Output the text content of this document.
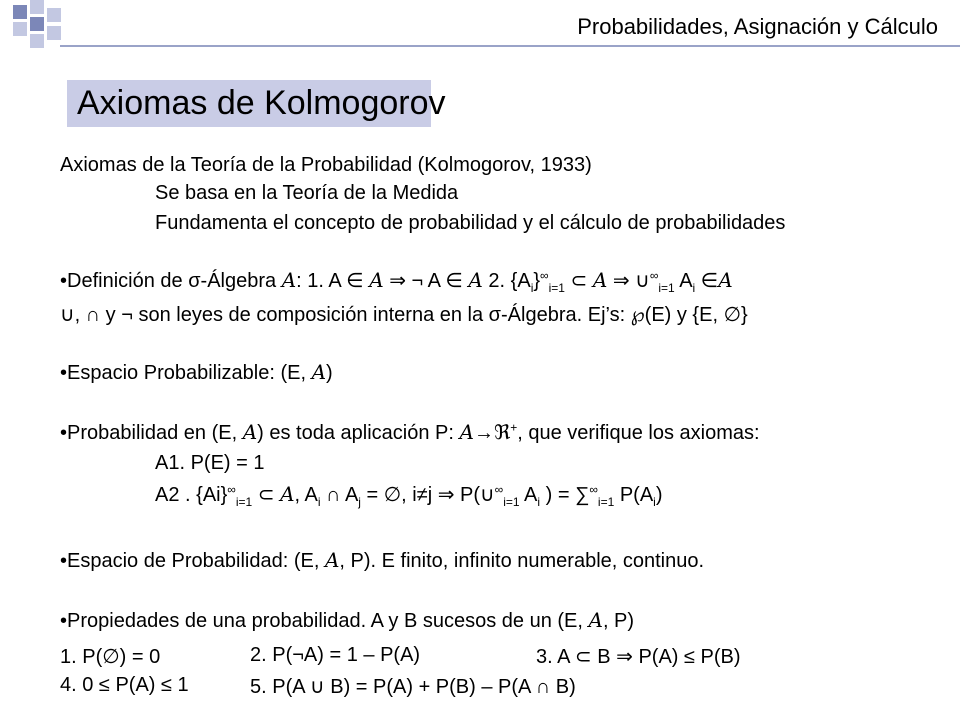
Probabilidades, Asignación y Cálculo
Axiomas de Kolmogorov
Axiomas de la Teoría de la Probabilidad (Kolmogorov, 1933)
Se basa en la Teoría de la Medida
Fundamenta el concepto de probabilidad y el cálculo de probabilidades
• Definición de σ-Álgebra A: 1. A ∈ A ⇒ ¬ A ∈ A 2. $\{A_i\}^\infty_{i=1}$ ⊂ A ⇒ $\cup^\infty_{i=1}$ $A_i$ ∈A
∪, ∩ y ¬ son leyes de composición interna en la σ-Álgebra. Ej’s: ℘(E) y {E, ∅}
• Espacio Probabilizable: (E, A)
• Probabilidad en (E, A) es toda aplicación P: A→ℜ+, que verifique los axiomas:
A1. P(E) = 1
A2 . $\{Ai\}^\infty_{i=1}$ ⊂ A, $A_i$ ∩ $A_j$ = ∅, i≠j ⇒ $P(\cup^\infty_{i=1}$ $A_i$ ) = $\sum^\infty_{i=1}$ $P(A_i)$
• Espacio de Probabilidad: (E, A, P). E finito, infinito numerable, continuo.
• Propiedades de una probabilidad. A y B sucesos de un (E, A, P)
1. P(∅) = 0	2. P(¬A) = 1 – P(A)	3. A ⊂ B ⇒ P(A) ≤ P(B)
4. 0 ≤ P(A) ≤ 1	5. P(A ∪ B) = P(A) + P(B) – P(A ∩ B)
